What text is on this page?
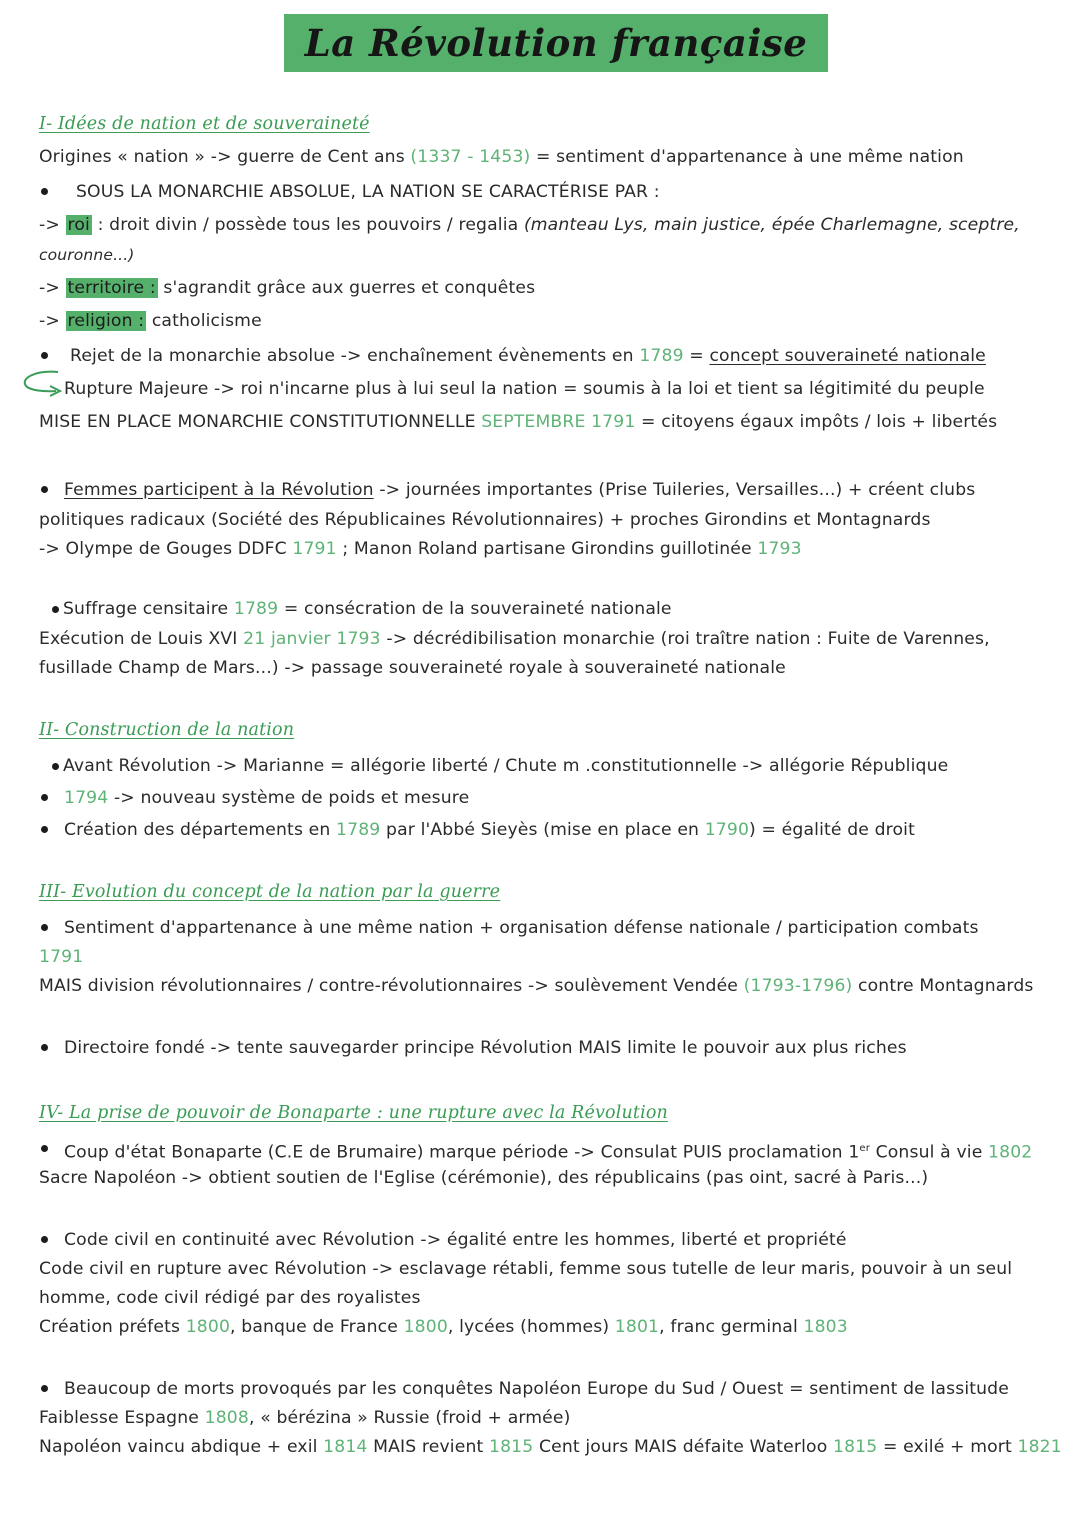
La Révolution française
I- Idées de nation et de souveraineté
Origines « nation » -> guerre de Cent ans (1337 - 1453) = sentiment d'appartenance à une même nation
SOUS LA MONARCHIE ABSOLUE, LA NATION SE CARACTÉRISE PAR :
-> roi : droit divin / possède tous les pouvoirs / regalia (manteau Lys, main justice, épée Charlemagne, sceptre,
couronne...)
-> territoire : s'agrandit grâce aux guerres et conquêtes
-> religion : catholicisme
Rejet de la monarchie absolue -> enchaînement évènements en 1789 = concept souveraineté nationale
Rupture Majeure -> roi n'incarne plus à lui seul la nation = soumis à la loi et tient sa légitimité du peuple
MISE EN PLACE MONARCHIE CONSTITUTIONNELLE SEPTEMBRE 1791 = citoyens égaux impôts / lois + libertés
Femmes participent à la Révolution -> journées importantes (Prise Tuileries, Versailles...) + créent clubs
politiques radicaux (Société des Républicaines Révolutionnaires) + proches Girondins et Montagnards
-> Olympe de Gouges DDFC 1791 ; Manon Roland partisane Girondins guillotinée 1793
Suffrage censitaire 1789 = consécration de la souveraineté nationale
Exécution de Louis XVI 21 janvier 1793 -> décrédibilisation monarchie (roi traître nation : Fuite de Varennes,
fusillade Champ de Mars...) -> passage souveraineté royale à souveraineté nationale
II- Construction de la nation
Avant Révolution -> Marianne = allégorie liberté / Chute m .constitutionnelle -> allégorie République
1794 -> nouveau système de poids et mesure
Création des départements en 1789 par l'Abbé Sieyès (mise en place en 1790) = égalité de droit
III- Evolution du concept de la nation par la guerre
Sentiment d'appartenance à une même nation + organisation défense nationale / participation combats
1791
MAIS division révolutionnaires / contre-révolutionnaires -> soulèvement Vendée (1793-1796) contre Montagnards
Directoire fondé -> tente sauvegarder principe Révolution MAIS limite le pouvoir aux plus riches
IV- La prise de pouvoir de Bonaparte : une rupture avec la Révolution
Coup d'état Bonaparte (C.E de Brumaire) marque période -> Consulat PUIS proclamation 1er Consul à vie 1802
Sacre Napoléon -> obtient soutien de l'Eglise (cérémonie), des républicains (pas oint, sacré à Paris...)
Code civil en continuité avec Révolution -> égalité entre les hommes, liberté et propriété
Code civil en rupture avec Révolution -> esclavage rétabli, femme sous tutelle de leur maris, pouvoir à un seul
homme, code civil rédigé par des royalistes
Création préfets 1800, banque de France 1800, lycées (hommes) 1801, franc germinal 1803
Beaucoup de morts provoqués par les conquêtes Napoléon Europe du Sud / Ouest = sentiment de lassitude
Faiblesse Espagne 1808, « bérézina » Russie (froid + armée)
Napoléon vaincu abdique + exil 1814 MAIS revient 1815 Cent jours MAIS défaite Waterloo 1815 = exilé + mort 1821
